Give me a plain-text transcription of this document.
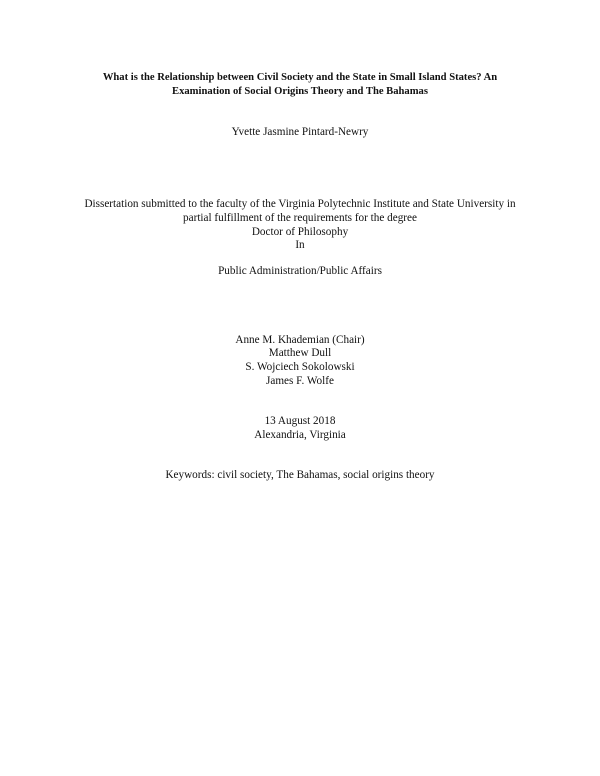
What is the Relationship between Civil Society and the State in Small Island States? An
Examination of Social Origins Theory and The Bahamas
Yvette Jasmine Pintard-Newry
Dissertation submitted to the faculty of the Virginia Polytechnic Institute and State University in
partial fulfillment of the requirements for the degree
Doctor of Philosophy
In
Public Administration/Public Affairs
Anne M. Khademian (Chair)
Matthew Dull
S. Wojciech Sokolowski
James F. Wolfe
13 August 2018
Alexandria, Virginia
Keywords: civil society, The Bahamas, social origins theory
